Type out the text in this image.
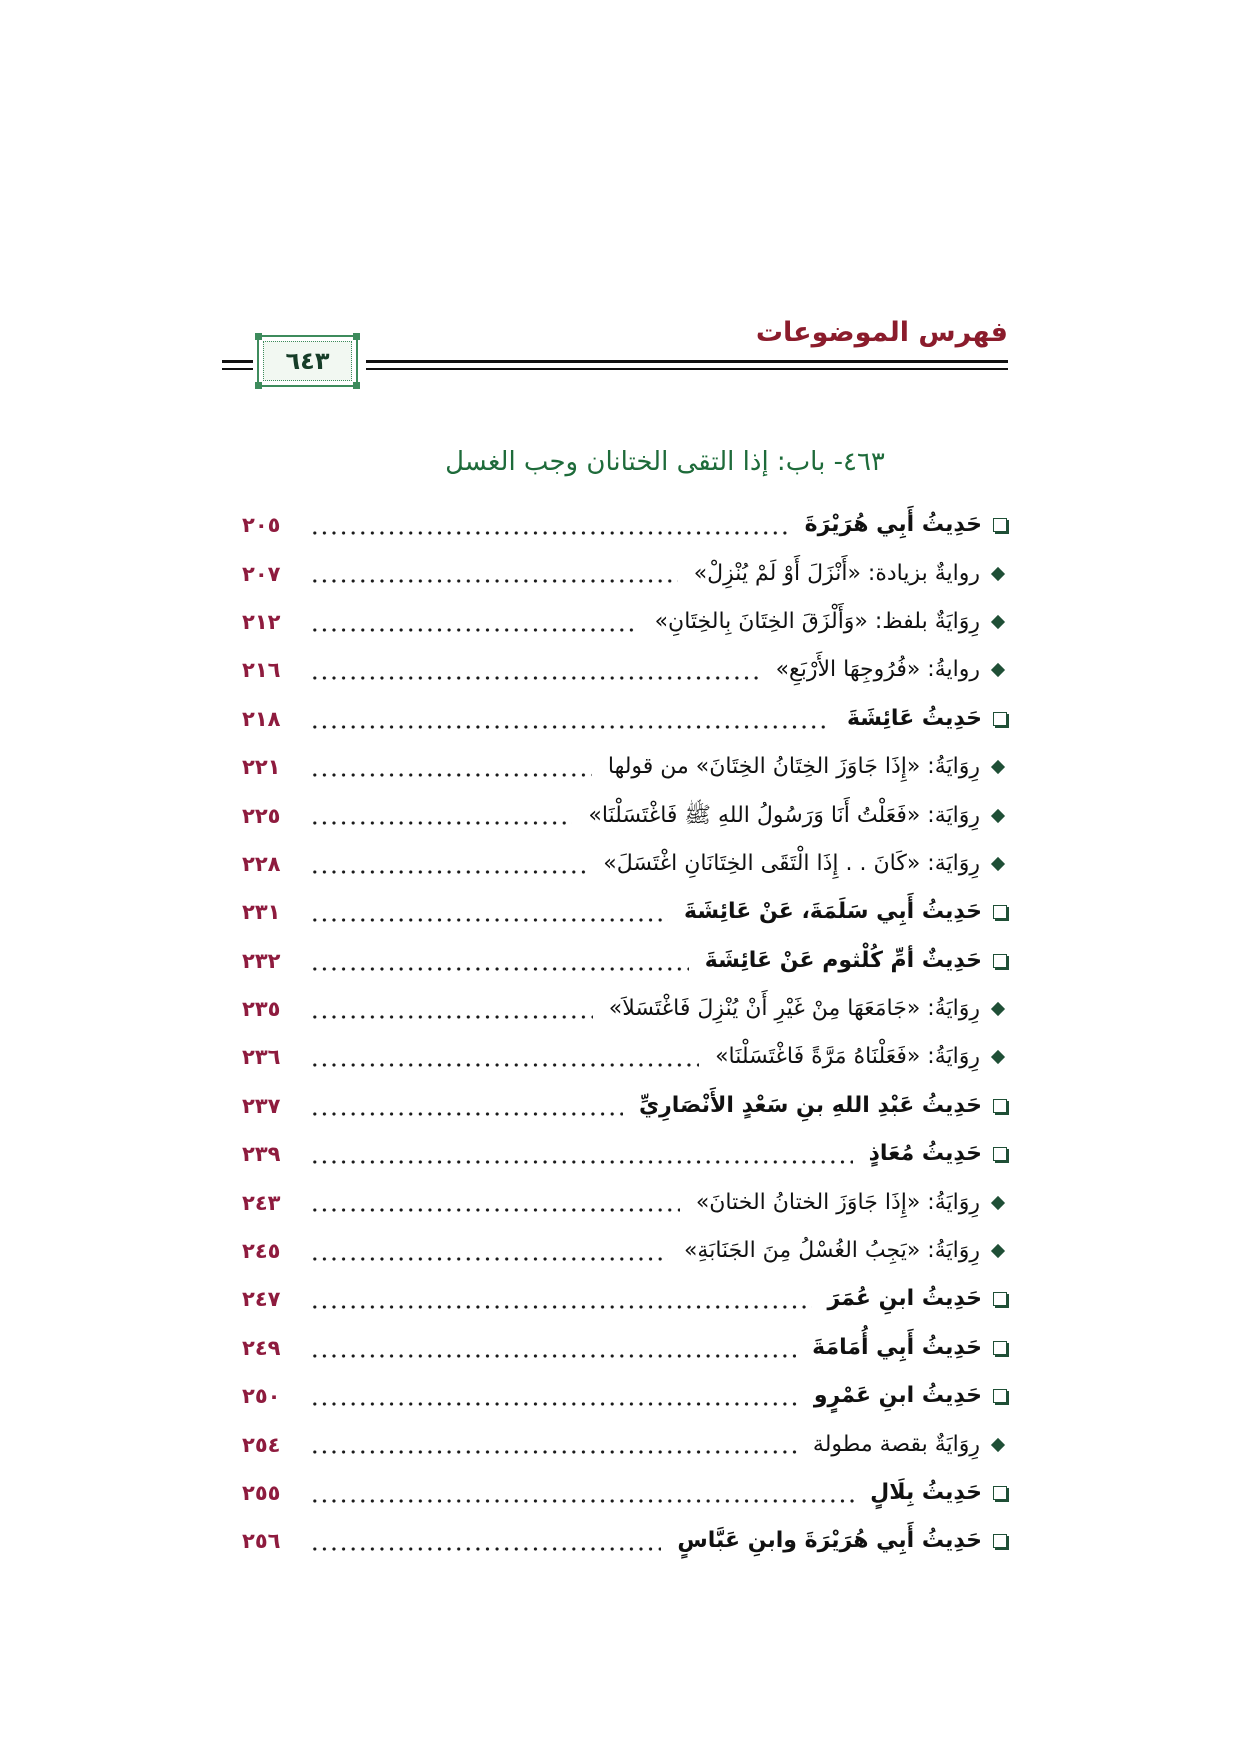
فهرس الموضوعات
٦٤٣
٤٦٣- باب: إذا التقى الختانان وجب الغسل
حَدِيثُ أَبِي هُرَيْرَةَ
٢٠٥
روايةٌ بزيادة: «أَنْزَلَ أَوْ لَمْ يُنْزِلْ»
٢٠٧
رِوَايَةٌ بلفظ: «وَأَلْزَقَ الخِتَانَ بِالخِتَانِ»
٢١٢
روايةُ: «فُرُوجِهَا الأَرْبَعِ»
٢١٦
حَدِيثُ عَائِشَةَ
٢١٨
رِوَايَةُ: «إِذَا جَاوَزَ الخِتَانُ الخِتَانَ» من قولها
٢٢١
رِوَايَة: «فَعَلْتُ أَنَا وَرَسُولُ اللهِ ﷺ فَاغْتَسَلْنَا»
٢٢٥
رِوَايَة: «كَانَ . . إِذَا الْتَقَى الخِتَانَانِ اغْتَسَلَ»
٢٢٨
حَدِيثُ أَبِي سَلَمَةَ، عَنْ عَائِشَةَ
٢٣١
حَدِيثٌ أمِّ كُلْثوم عَنْ عَائِشَةَ
٢٣٢
رِوَايَةُ: «جَامَعَهَا مِنْ غَيْرِ أَنْ يُنْزِلَ فَاغْتَسَلاَ»
٢٣٥
رِوَايَةُ: «فَعَلْنَاهُ مَرَّةً فَاغْتَسَلْنَا»
٢٣٦
حَدِيثُ عَبْدِ اللهِ بنِ سَعْدٍ الأَنْصَارِيِّ
٢٣٧
حَدِيثُ مُعَاذٍ
٢٣٩
رِوَايَةُ: «إِذَا جَاوَزَ الختانُ الختانَ»
٢٤٣
رِوَايَةُ: «يَجِبُ الغُسْلُ مِنَ الجَنَابَةِ»
٢٤٥
حَدِيثُ ابنِ عُمَرَ
٢٤٧
حَدِيثُ أَبِي أُمَامَةَ
٢٤٩
حَدِيثُ ابنِ عَمْرٍو
٢٥٠
رِوَايَةٌ بقصة مطولة
٢٥٤
حَدِيثُ بِلَالٍ
٢٥٥
حَدِيثُ أَبِي هُرَيْرَةَ وابنِ عَبَّاسٍ
٢٥٦
